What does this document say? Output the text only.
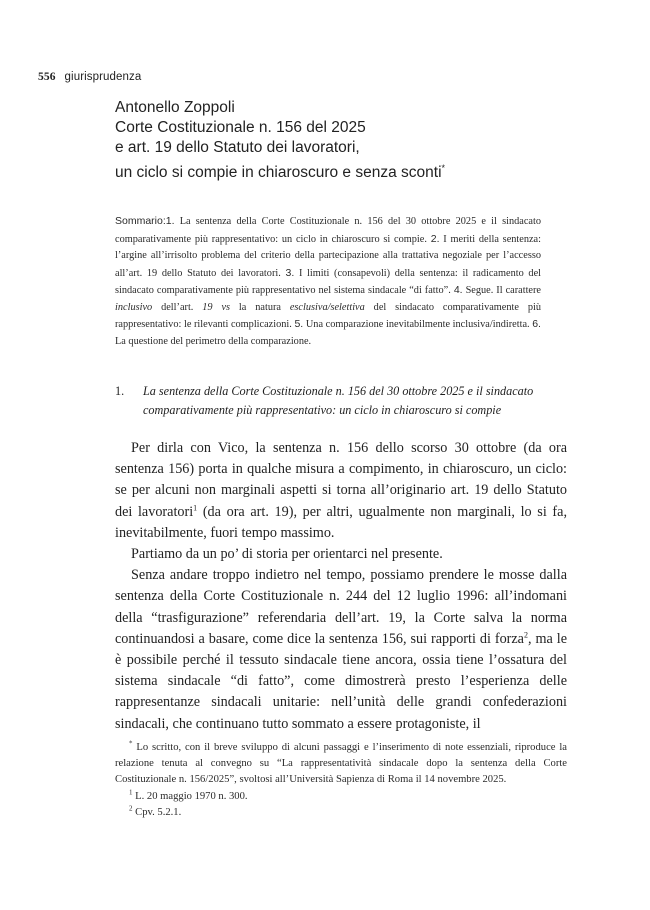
556 giurisprudenza
Antonello Zoppoli
Corte Costituzionale n. 156 del 2025
e art. 19 dello Statuto dei lavoratori,
un ciclo si compie in chiaroscuro e senza sconti*
Sommario:1. La sentenza della Corte Costituzionale n. 156 del 30 ottobre 2025 e il sindacato comparativamente più rappresentativo: un ciclo in chiaroscuro si compie. 2. I meriti della sentenza: l’argine all’irrisolto problema del criterio della partecipazione alla trattativa negoziale per l’accesso all’art. 19 dello Statuto dei lavoratori. 3. I limiti (consapevoli) della sentenza: il radicamento del sindacato comparativamente più rappresentativo nel sistema sindacale “di fatto”. 4. Segue. Il carattere inclusivo dell’art. 19 vs la natura esclusiva/selettiva del sindacato comparativamente più rappresentativo: le rilevanti complicazioni. 5. Una comparazione inevitabilmente inclusiva/indiretta. 6. La questione del perimetro della comparazione.
1.	La sentenza della Corte Costituzionale n. 156 del 30 ottobre 2025 e il sindacato comparativamente più rappresentativo: un ciclo in chiaroscuro si compie

Per dirla con Vico, la sentenza n. 156 dello scorso 30 ottobre (da ora sentenza 156) porta in qualche misura a compimento, in chiaroscuro, un ciclo: se per alcuni non marginali aspetti si torna all’originario art. 19 dello Statuto dei lavoratori$^1$ (da ora art. 19), per altri, ugualmente non marginali, lo si fa, inevitabilmente, fuori tempo massimo.

Partiamo da un po’ di storia per orientarci nel presente.

Senza andare troppo indietro nel tempo, possiamo prendere le mosse dalla sentenza della Corte Costituzionale n. 244 del 12 luglio 1996: all’indomani della “trasfigurazione” referendaria dell’art. 19, la Corte salva la norma continuandosi a basare, come dice la sentenza 156, sui rapporti di forza$^2$, ma le è possibile perché il tessuto sindacale tiene ancora, ossia tiene l’ossatura del sistema sindacale “di fatto”, come dimostrerà presto l’esperienza delle rappresentanze sindacali unitarie: nell’unità delle grandi confederazioni sindacali, che continuano tutto sommato a essere protagoniste, il

* Lo scritto, con il breve sviluppo di alcuni passaggi e l’inserimento di note essenziali, riproduce la relazione tenuta al convegno su “La rappresentatività sindacale dopo la sentenza della Corte Costituzionale n. 156/2025”, svoltosi all’Università Sapienza di Roma il 14 novembre 2025.

$^1$ L. 20 maggio 1970 n. 300.

$^2$ Cpv. 5.2.1.
